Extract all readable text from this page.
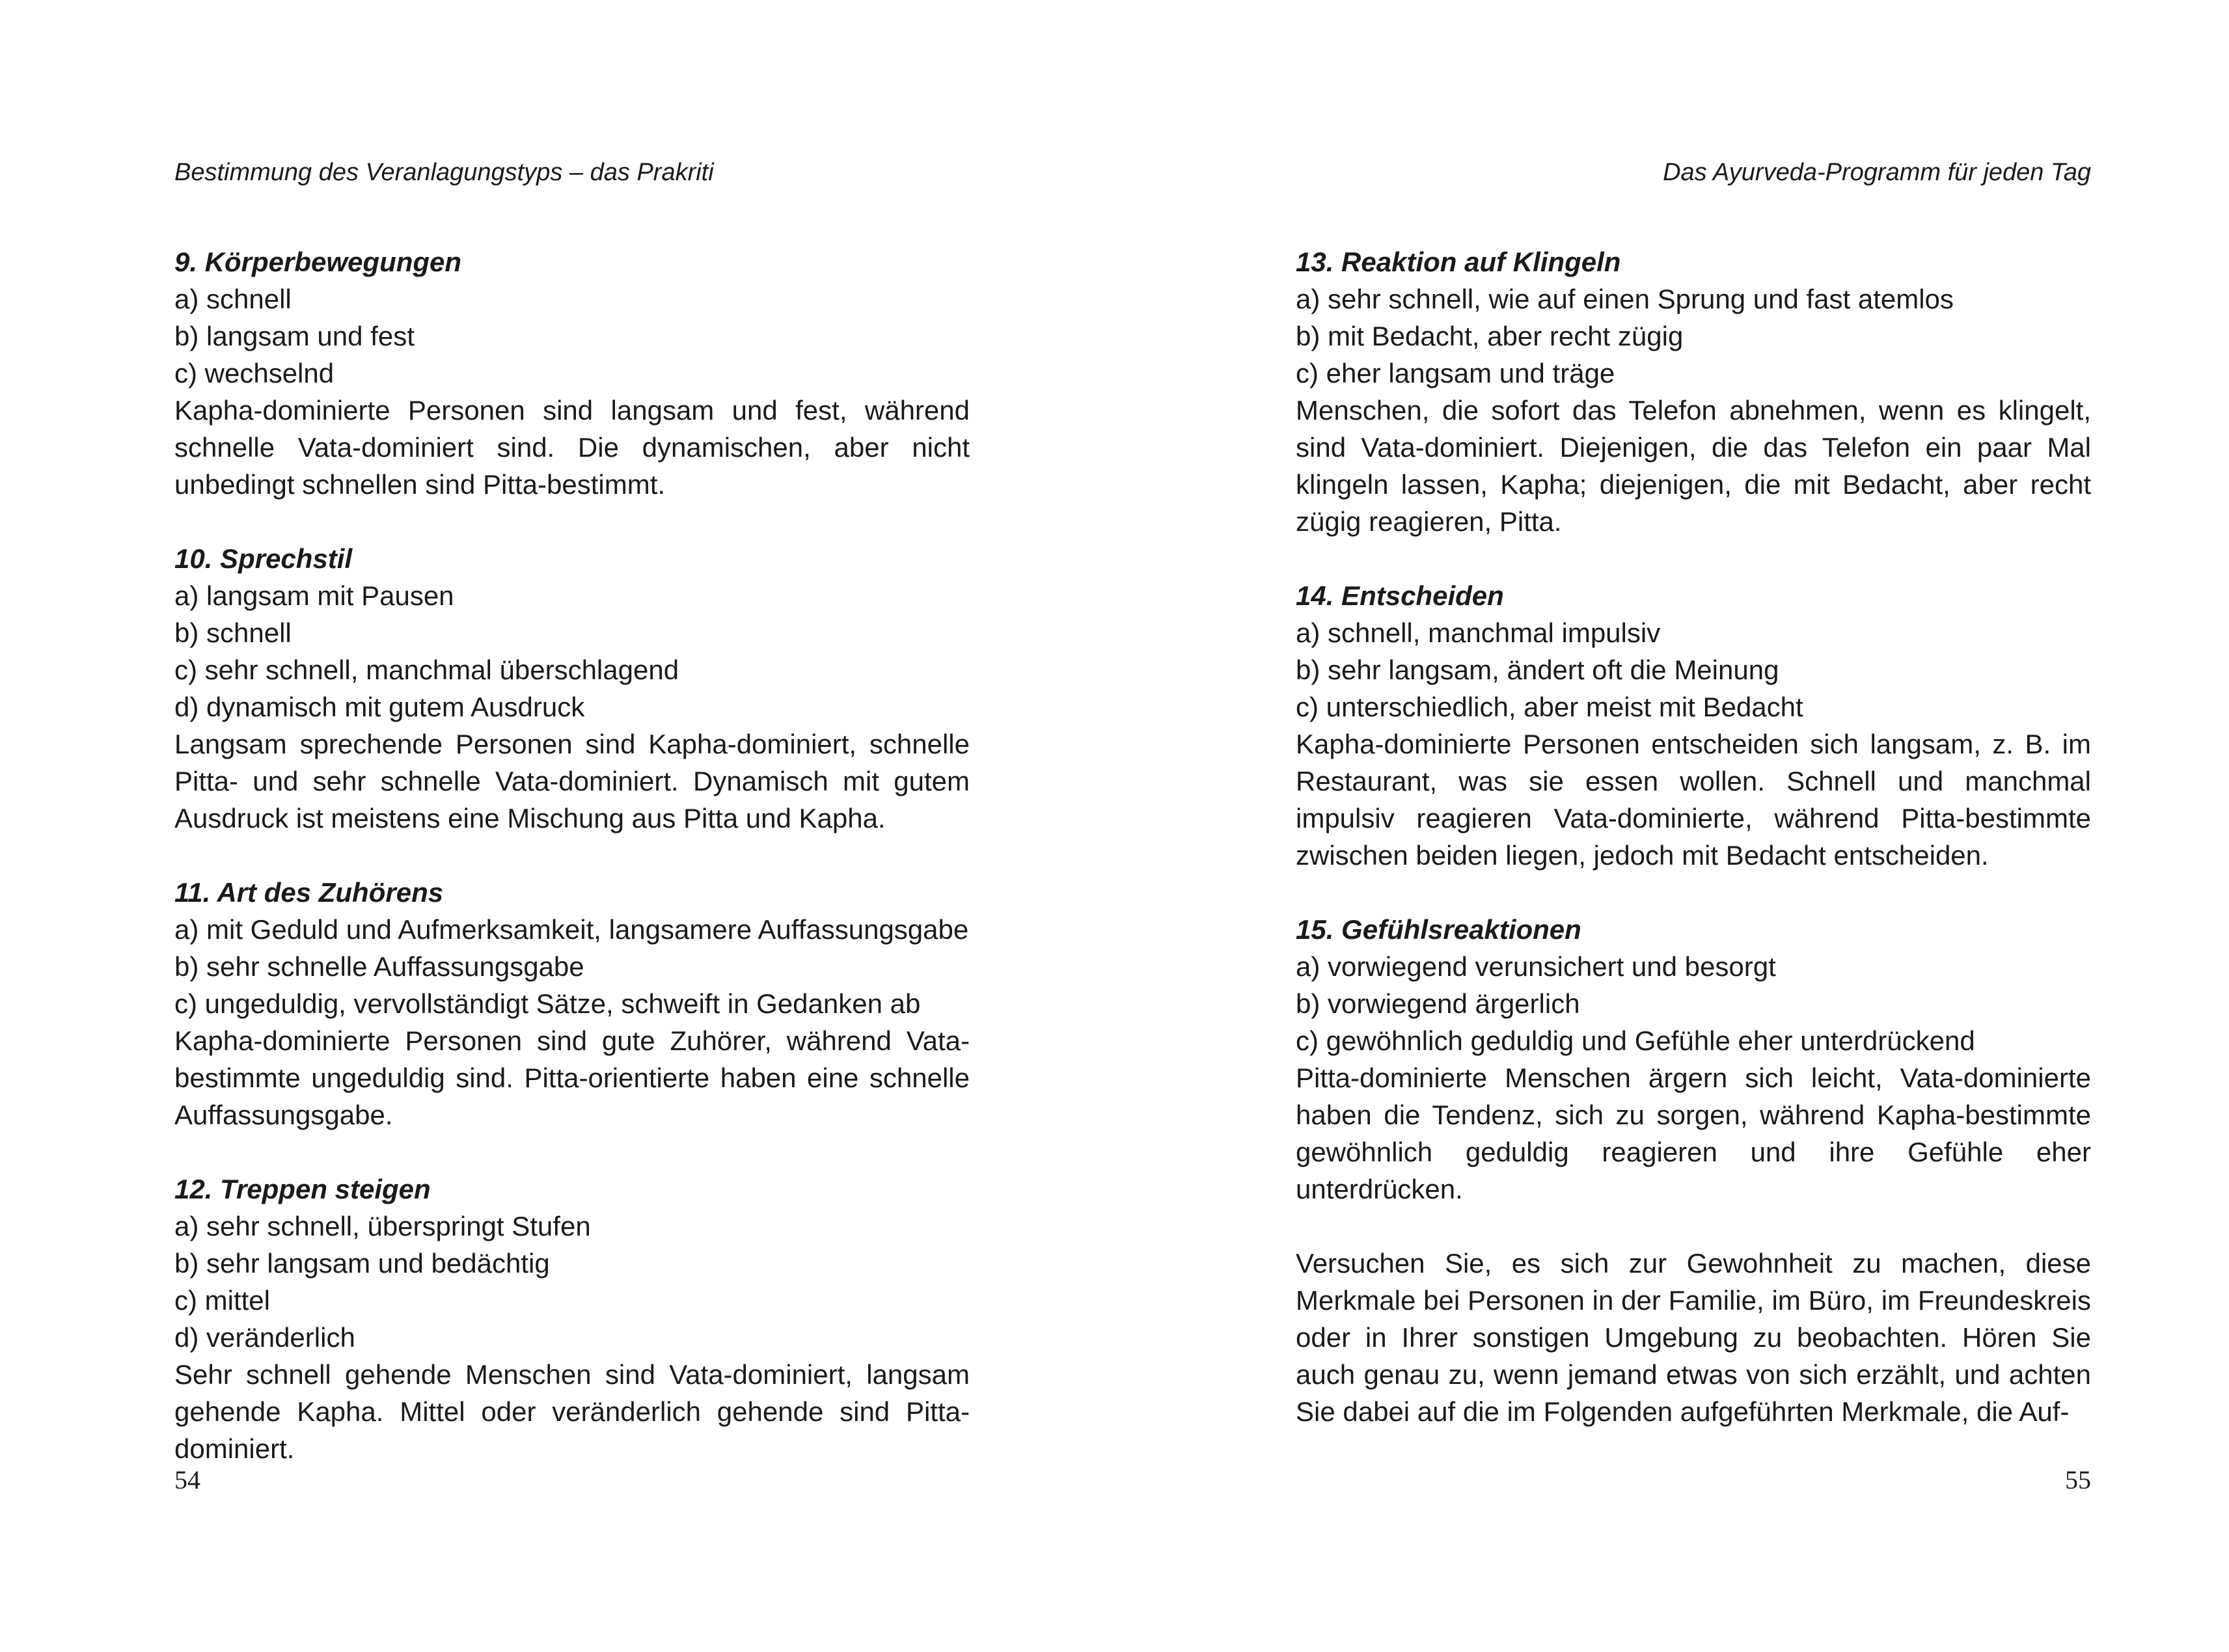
Bestimmung des Veranlagungstyps – das Prakriti

9. Körperbewegungen

a) schnell

b) langsam und fest

c) wechselnd

Kapha-dominierte Personen sind langsam und fest, während schnelle Vata-dominiert sind. Die dynamischen, aber nicht unbedingt schnellen sind Pitta-bestimmt.

10. Sprechstil

a) langsam mit Pausen

b) schnell

c) sehr schnell, manchmal überschlagend

d) dynamisch mit gutem Ausdruck

Langsam sprechende Personen sind Kapha-dominiert, schnelle Pitta- und sehr schnelle Vata-dominiert. Dynamisch mit gutem Ausdruck ist meistens eine Mischung aus Pitta und Kapha.

11. Art des Zuhörens

a) mit Geduld und Aufmerksamkeit, langsamere Auffassungsgabe

b) sehr schnelle Auffassungsgabe

c) ungeduldig, vervollständigt Sätze, schweift in Gedanken ab

Kapha-dominierte Personen sind gute Zuhörer, während Vata-bestimmte ungeduldig sind. Pitta-orientierte haben eine schnelle Auffassungsgabe.

12. Treppen steigen

a) sehr schnell, überspringt Stufen

b) sehr langsam und bedächtig

c) mittel

d) veränderlich

Sehr schnell gehende Menschen sind Vata-dominiert, langsam gehende Kapha. Mittel oder veränderlich gehende sind Pitta-dominiert.

54
Das Ayurveda-Programm für jeden Tag

13. Reaktion auf Klingeln

a) sehr schnell, wie auf einen Sprung und fast atemlos

b) mit Bedacht, aber recht zügig

c) eher langsam und träge

Menschen, die sofort das Telefon abnehmen, wenn es klingelt, sind Vata-dominiert. Diejenigen, die das Telefon ein paar Mal klingeln lassen, Kapha; diejenigen, die mit Bedacht, aber recht zügig reagieren, Pitta.

14. Entscheiden

a) schnell, manchmal impulsiv

b) sehr langsam, ändert oft die Meinung

c) unterschiedlich, aber meist mit Bedacht

Kapha-dominierte Personen entscheiden sich langsam, z. B. im Restaurant, was sie essen wollen. Schnell und manchmal impulsiv reagieren Vata-dominierte, während Pitta-bestimmte zwischen beiden liegen, jedoch mit Bedacht entscheiden.

15. Gefühlsreaktionen

a) vorwiegend verunsichert und besorgt

b) vorwiegend ärgerlich

c) gewöhnlich geduldig und Gefühle eher unterdrückend

Pitta-dominierte Menschen ärgern sich leicht, Vata-dominierte haben die Tendenz, sich zu sorgen, während Kapha-bestimmte gewöhnlich geduldig reagieren und ihre Gefühle eher unterdrücken.

Versuchen Sie, es sich zur Gewohnheit zu machen, diese Merkmale bei Personen in der Familie, im Büro, im Freundeskreis oder in Ihrer sonstigen Umgebung zu beobachten. Hören Sie auch genau zu, wenn jemand etwas von sich erzählt, und achten Sie dabei auf die im Folgenden aufgeführten Merkmale, die Auf-

55
